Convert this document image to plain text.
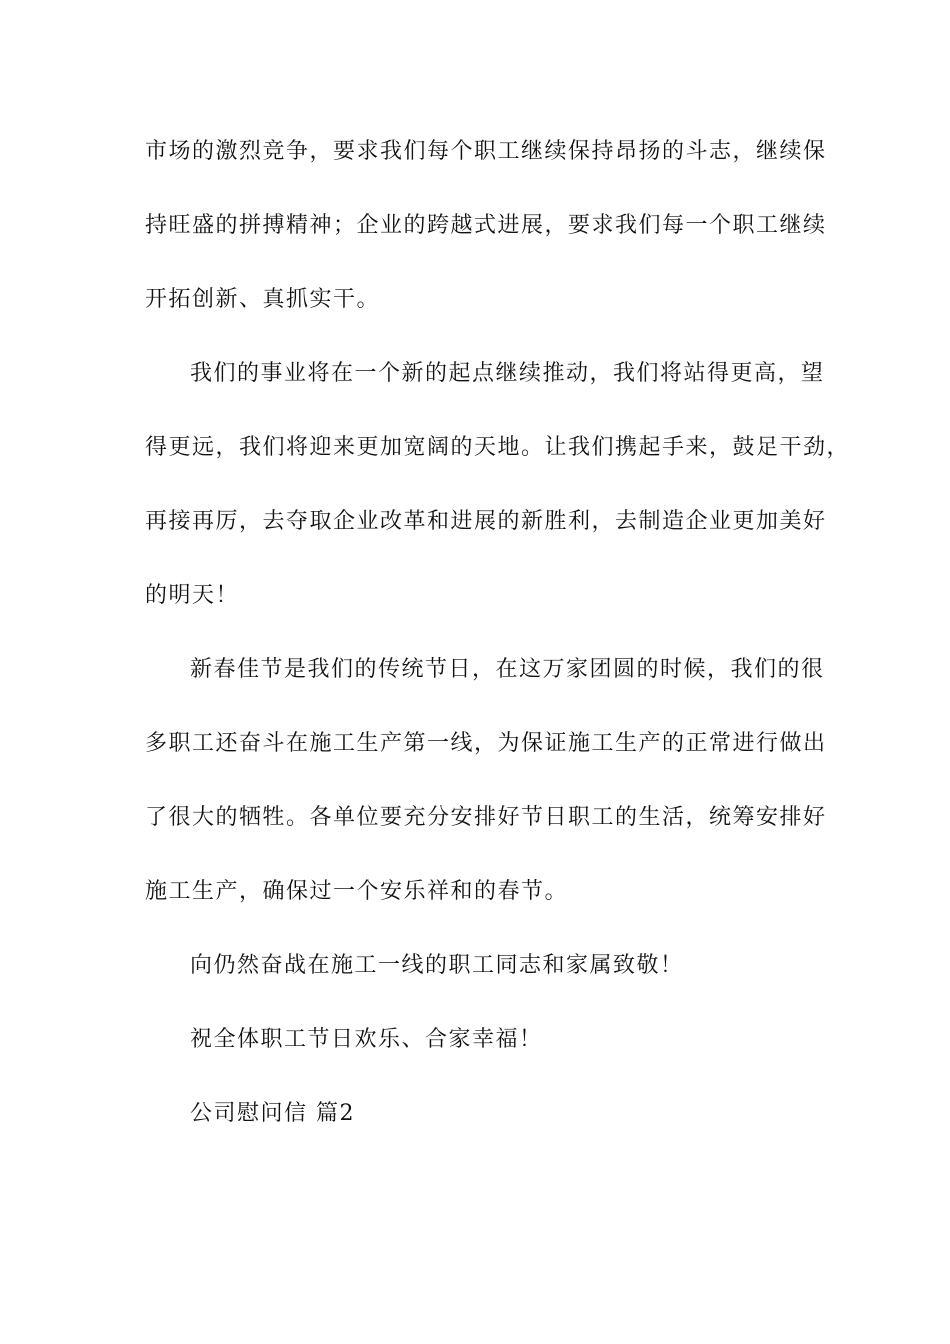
市场的激烈竞争，要求我们每个职工继续保持昂扬的斗志，继续保
持旺盛的拼搏精神；企业的跨越式进展，要求我们每一个职工继续
开拓创新、真抓实干。
我们的事业将在一个新的起点继续推动，我们将站得更高，望
得更远，我们将迎来更加宽阔的天地。让我们携起手来，鼓足干劲，
再接再厉，去夺取企业改革和进展的新胜利，去制造企业更加美好
的明天！
新春佳节是我们的传统节日，在这万家团圆的时候，我们的很
多职工还奋斗在施工生产第一线，为保证施工生产的正常进行做出
了很大的牺牲。各单位要充分安排好节日职工的生活，统筹安排好
施工生产，确保过一个安乐祥和的春节。
向仍然奋战在施工一线的职工同志和家属致敬！
祝全体职工节日欢乐、合家幸福！
公司慰问信 篇2
